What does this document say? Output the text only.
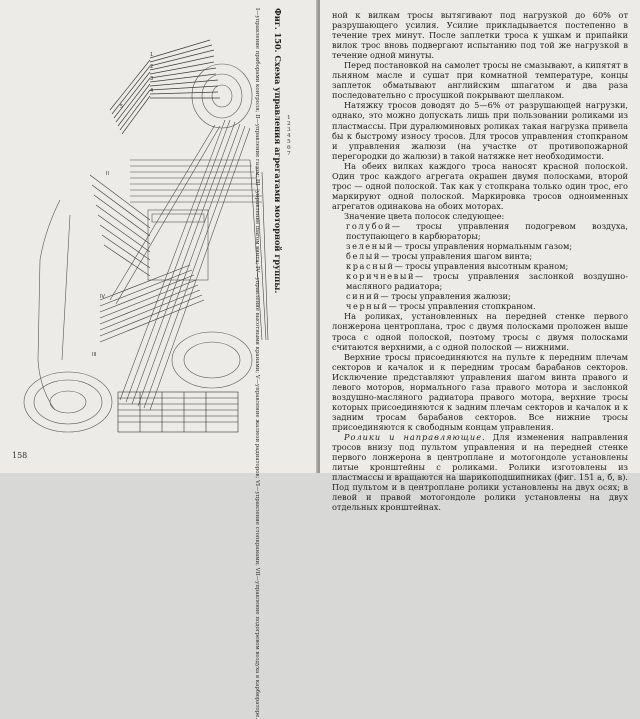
1
2
3
4
5
II
IV
III
Фиг. 150. Схема управления агрегатами моторной группы.
I—управление приборами контроля; II—управление газом; III—управление шагом винта; IV—управление высотными кранами; V—управление жалюзи радиаторов; VI—управление стопкранами; VII—управление подогревом воздуха в карбюраторе.	1 2 3 4 5 6 7
158

ной к вилкам тросы вытягивают под нагрузкой до 60% от разрушающего усилия. Усилие прикладывается постепенно в течение трех минут. После заплетки троса к ушкам и припайки вилок трос вновь подвергают испытанию под той же нагрузкой в течение одной минуты.

Перед постановкой на самолет тросы не смазывают, а кипятят в льняном масле и сушат при комнатной температуре, концы заплеток обматывают английским шпагатом и два раза последовательно с просушкой покрывают шеллаком.

Натяжку тросов доводят до 5—6% от разрушающей нагрузки, однако, это можно допускать лишь при пользовании роликами из пластмассы. При дуралюминовых роликах такая нагрузка привела бы к быстрому износу тросов. Для тросов управления стопкраном и управления жалюзи (на участке от противопожарной перегородки до жалюзи) в такой натяжке нет необходимости.

На обеих вилках каждого троса наносят красной полоской. Один трос каждого агрегата окрашен двумя полосками, второй трос — одной полоской. Так как у стопкрана только один трос, его маркируют одной полоской. Маркировка тросов одноименных агрегатов одинакова на обоих моторах.

Значение цвета полосок следующее:

голубой— тросы управления подогревом воздуха, поступающего в карбюраторы;

зеленый— тросы управления нормальным газом;

белый— тросы управления шагом винта;

красный— тросы управления высотным краном;

коричневый— тросы управления заслонкой воздушно-масляного радиатора;

синий— тросы управления жалюзи;

черный— тросы управления стопкраном.

На роликах, установленных на передней стенке первого лонжерона центроплана, трос с двумя полосками проложен выше троса с одной полоской, поэтому тросы с двумя полосками считаются верхними, а с одной полоской — нижними.

Верхние тросы присоединяются на пульте к передним плечам секторов и качалок и к передним тросам барабанов секторов. Исключение представляют управления шагом винта правого и левого моторов, нормального газа правого мотора и заслонкой воздушно-масляного радиатора правого мотора, верхние тросы которых присоединяются к задним плечам секторов и качалок и к задним тросам барабанов секторов. Все нижние тросы присоединяются к свободным концам управления.

Ролики и направляющие. Для изменения направления тросов внизу под пультом управления и на передней стенке первого лонжерона в центроплане и мотогондоле установлены литые кронштейны с роликами. Ролики изготовлены из пластмассы и вращаются на шарикоподшипниках (фиг. 151 а, б, в). Под пультом и в центроплане ролики установлены на двух осях; в левой и правой мотогондоле ролики установлены на двух отдельных кронштейнах.
